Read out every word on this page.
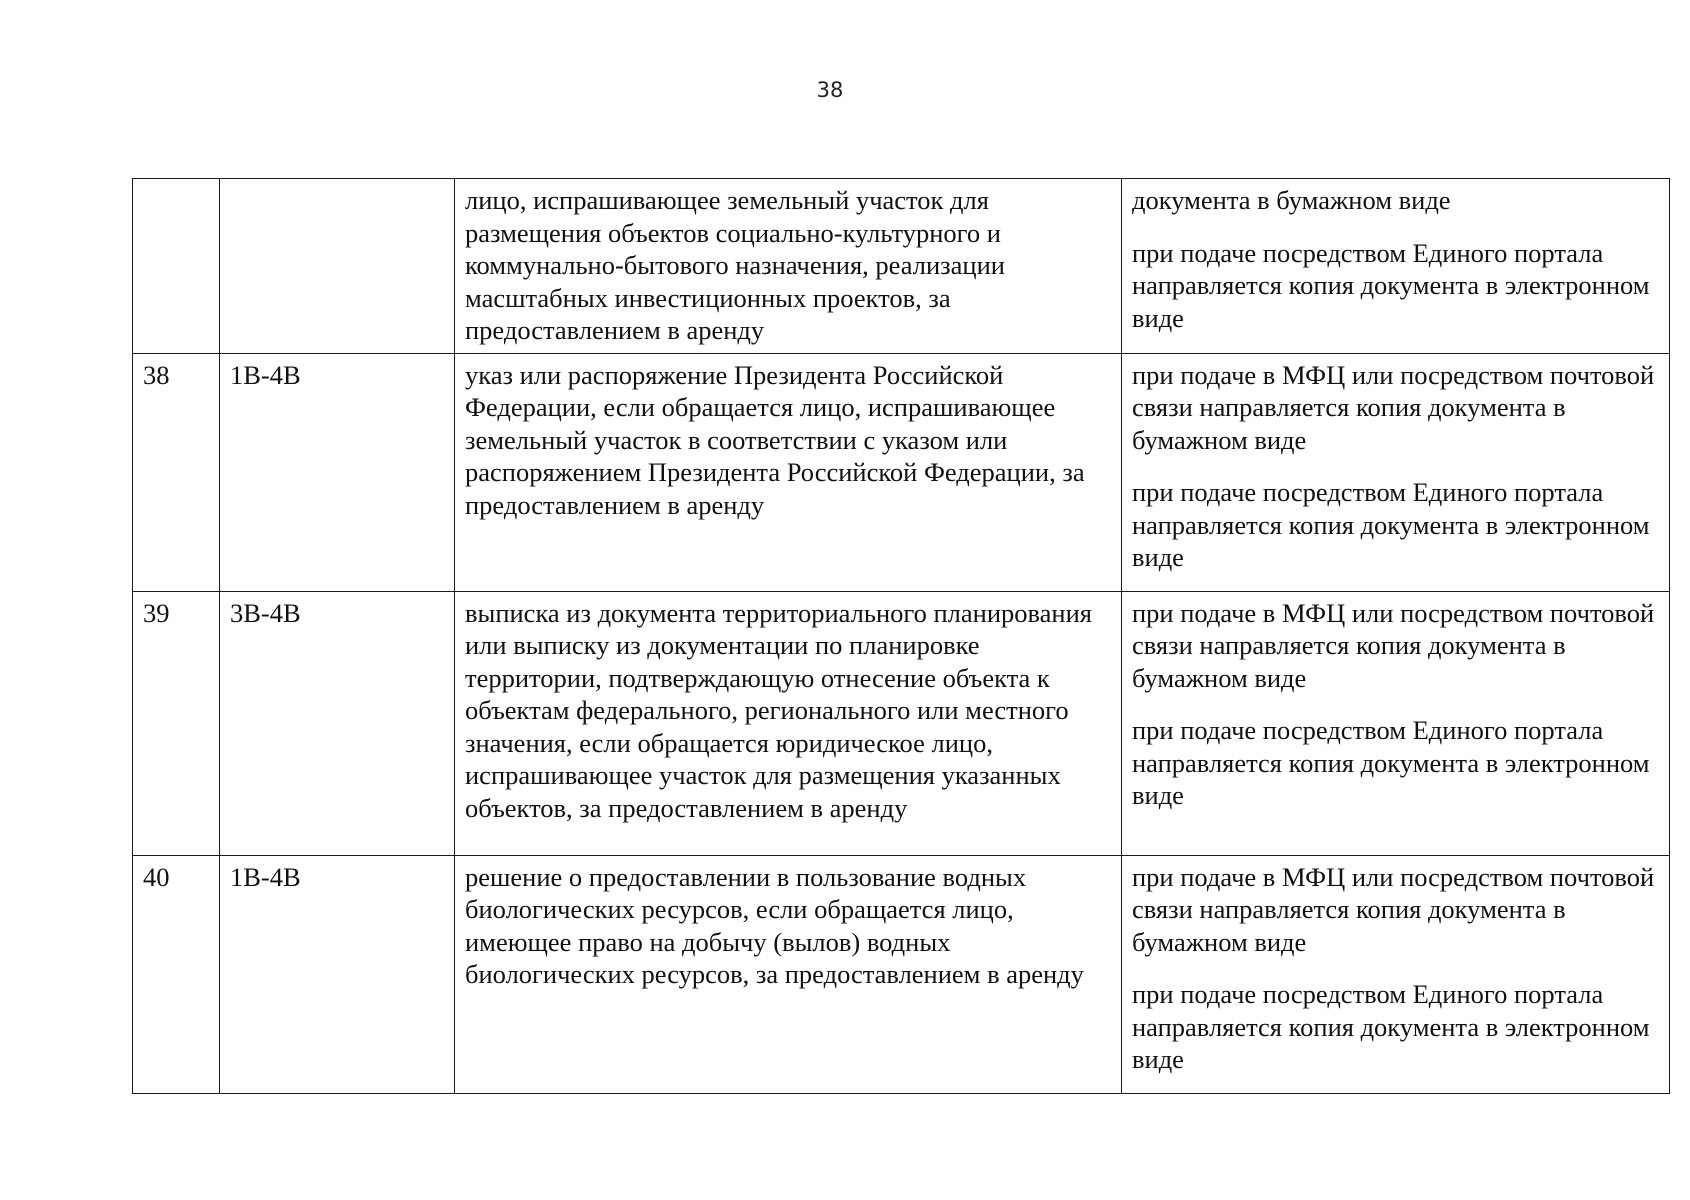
38
		лицо, испрашивающее земельный участок для размещения объектов социально-культурного и коммунально-бытового назначения, реализации масштабных инвестиционных проектов, за предоставлением в аренду	документа в бумажном виде

при подаче посредством Единого портала направляется копия документа в электронном виде

38	1В-4В	указ или распоряжение Президента Российской Федерации, если обращается лицо, испрашивающее земельный участок в соответствии с указом или распоряжением Президента Российской Федерации, за предоставлением в аренду	при подаче в МФЦ или посредством почтовой связи направляется копия документа в бумажном виде

при подаче посредством Единого портала направляется копия документа в электронном виде

39	3В-4В	выписка из документа территориального планирования или выписку из документации по планировке территории, подтверждающую отнесение объекта к объектам федерального, регионального или местного значения, если обращается юридическое лицо, испрашивающее участок для размещения указанных объектов, за предоставлением в аренду	при подаче в МФЦ или посредством почтовой связи направляется копия документа в бумажном виде

при подаче посредством Единого портала направляется копия документа в электронном виде

40	1В-4В	решение о предоставлении в пользование водных биологических ресурсов, если обращается лицо, имеющее право на добычу (вылов) водных биологических ресурсов, за предоставлением в аренду	при подаче в МФЦ или посредством почтовой связи направляется копия документа в бумажном виде

при подаче посредством Единого портала направляется копия документа в электронном виде
